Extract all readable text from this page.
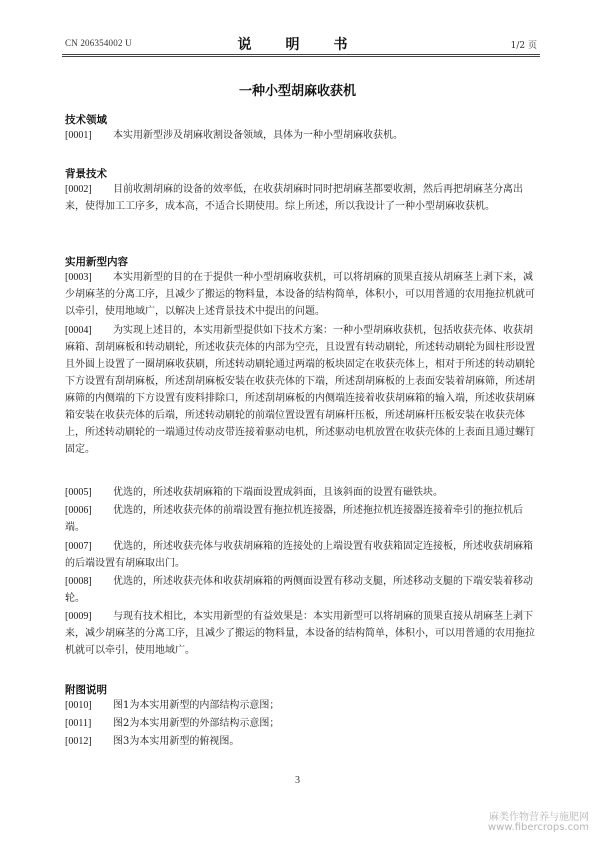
CN 206354002 U	说　明　书	1/2 页
一种小型胡麻收获机
技术领域
[0001] 本实用新型涉及胡麻收割设备领域，具体为一种小型胡麻收获机。
背景技术
[0002] 目前收割胡麻的设备的效率低，在收获胡麻时同时把胡麻茎都要收割，然后再把胡麻茎分离出来，使得加工工序多，成本高，不适合长期使用。综上所述，所以我设计了一种小型胡麻收获机。
实用新型内容
[0003] 本实用新型的目的在于提供一种小型胡麻收获机，可以将胡麻的顶果直接从胡麻茎上剥下来，减少胡麻茎的分离工序，且减少了搬运的物料量，本设备的结构简单，体积小，可以用普通的农用拖拉机就可以牵引，使用地域广，以解决上述背景技术中提出的问题。
[0004] 为实现上述目的，本实用新型提供如下技术方案：一种小型胡麻收获机，包括收获壳体、收获胡麻箱、刮胡麻板和转动刷轮，所述收获壳体的内部为空壳，且设置有转动刷轮，所述转动刷轮为圆柱形设置且外圆上设置了一圈胡麻收获刷，所述转动刷轮通过两端的板块固定在收获壳体上，相对于所述的转动刷轮下方设置有刮胡麻板，所述刮胡麻板安装在收获壳体的下端，所述刮胡麻板的上表面安装着胡麻筛，所述胡麻筛的内侧端的下方设置有废料排除口，所述刮胡麻板的内侧端连接着收获胡麻箱的输入端，所述收获胡麻箱安装在收获壳体的后端，所述转动刷轮的前端位置设置有胡麻杆压板，所述胡麻杆压板安装在收获壳体上，所述转动刷轮的一端通过传动皮带连接着驱动电机，所述驱动电机放置在收获壳体的上表面且通过螺钉固定。
[0005] 优选的，所述收获胡麻箱的下端面设置成斜面，且该斜面的设置有磁铁块。
[0006] 优选的，所述收获壳体的前端设置有拖拉机连接器，所述拖拉机连接器连接着牵引的拖拉机后端。
[0007] 优选的，所述收获壳体与收获胡麻箱的连接处的上端设置有收获箱固定连接板，所述收获胡麻箱的后端设置有胡麻取出门。
[0008] 优选的，所述收获壳体和收获胡麻箱的两侧面设置有移动支腿，所述移动支腿的下端安装着移动轮。
[0009] 与现有技术相比，本实用新型的有益效果是：本实用新型可以将胡麻的顶果直接从胡麻茎上剥下来，减少胡麻茎的分离工序，且减少了搬运的物料量，本设备的结构简单，体积小，可以用普通的农用拖拉机就可以牵引，使用地域广。
附图说明
[0010] 图1为本实用新型的内部结构示意图；
[0011] 图2为本实用新型的外部结构示意图；
[0012] 图3为本实用新型的俯视图。
3
麻类作物营养与施肥网
www.fibercrops.com
